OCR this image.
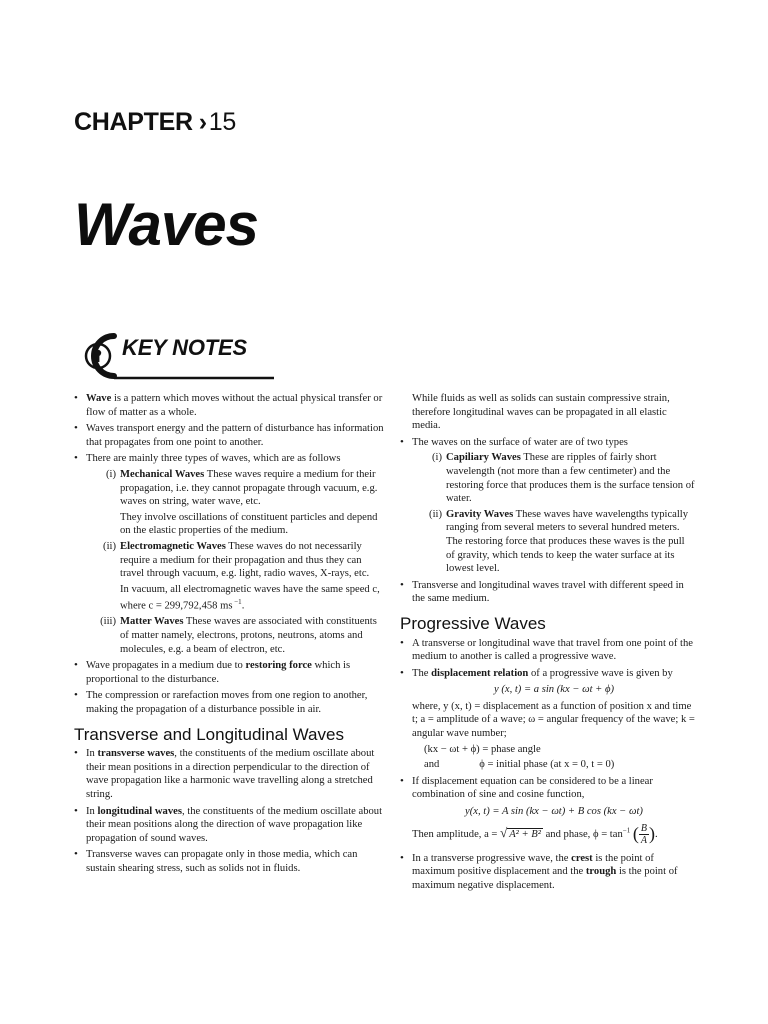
CHAPTER ›15
Waves
KEY NOTES
• Wave is a pattern which moves without the actual physical transfer or flow of matter as a whole.
• Waves transport energy and the pattern of disturbance has information that propagates from one point to another.
• There are mainly three types of waves, which are as follows
(i) Mechanical Waves These waves require a medium for their propagation, i.e. they cannot propagate through vacuum, e.g. waves on string, water wave, etc.
They involve oscillations of constituent particles and depend on the elastic properties of the medium.
(ii) Electromagnetic Waves These waves do not necessarily require a medium for their propagation and thus they can travel through vacuum, e.g. light, radio waves, X-rays, etc.
In vacuum, all electromagnetic waves have the same speed c, where c = 299,792,458 ms $^{-1}$.
(iii) Matter Waves These waves are associated with constituents of matter namely, electrons, protons, neutrons, atoms and molecules, e.g. a beam of electron, etc.
• Wave propagates in a medium due to restoring force which is proportional to the disturbance.
• The compression or rarefaction moves from one region to another, making the propagation of a disturbance possible in air.
Transverse and Longitudinal Waves
• In transverse waves, the constituents of the medium oscillate about their mean positions in a direction perpendicular to the direction of wave propagation like a harmonic wave travelling along a stretched string.
• In longitudinal waves, the constituents of the medium oscillate about their mean positions along the direction of wave propagation like propagation of sound waves.
• Transverse waves can propagate only in those media, which can sustain shearing stress, such as solids not in fluids.
While fluids as well as solids can sustain compressive strain, therefore longitudinal waves can be propagated in all elastic media.
• The waves on the surface of water are of two types
(i) Capiliary Waves These are ripples of fairly short wavelength (not more than a few centimeter) and the restoring force that produces them is the surface tension of water.
(ii) Gravity Waves These waves have wavelengths typically ranging from several meters to several hundred meters. The restoring force that produces these waves is the pull of gravity, which tends to keep the water surface at its lowest level.
• Transverse and longitudinal waves travel with different speed in the same medium.
Progressive Waves
• A transverse or longitudinal wave that travel from one point of the medium to another is called a progressive wave.
• The displacement relation of a progressive wave is given by
y (x, t) = a sin (kx − ωt + ϕ)
where, y (x, t) = displacement as a function of position x and time t; a = amplitude of a wave; ω = angular frequency of the wave; k = angular wave number;
(kx − ωt + ϕ) = phase angle
and	ϕ = initial phase (at x = 0, t = 0)
• If displacement equation can be considered to be a linear combination of sine and cosine function,
y(x, t) = A sin (kx − ωt) + B cos (kx − ωt)
Then amplitude, a = √ A² + B² and phase, $\phi = \tan^{-1}$ ( $\frac{B}{A}$ ).
• In a transverse progressive wave, the crest is the point of maximum positive displacement and the trough is the point of maximum negative displacement.
